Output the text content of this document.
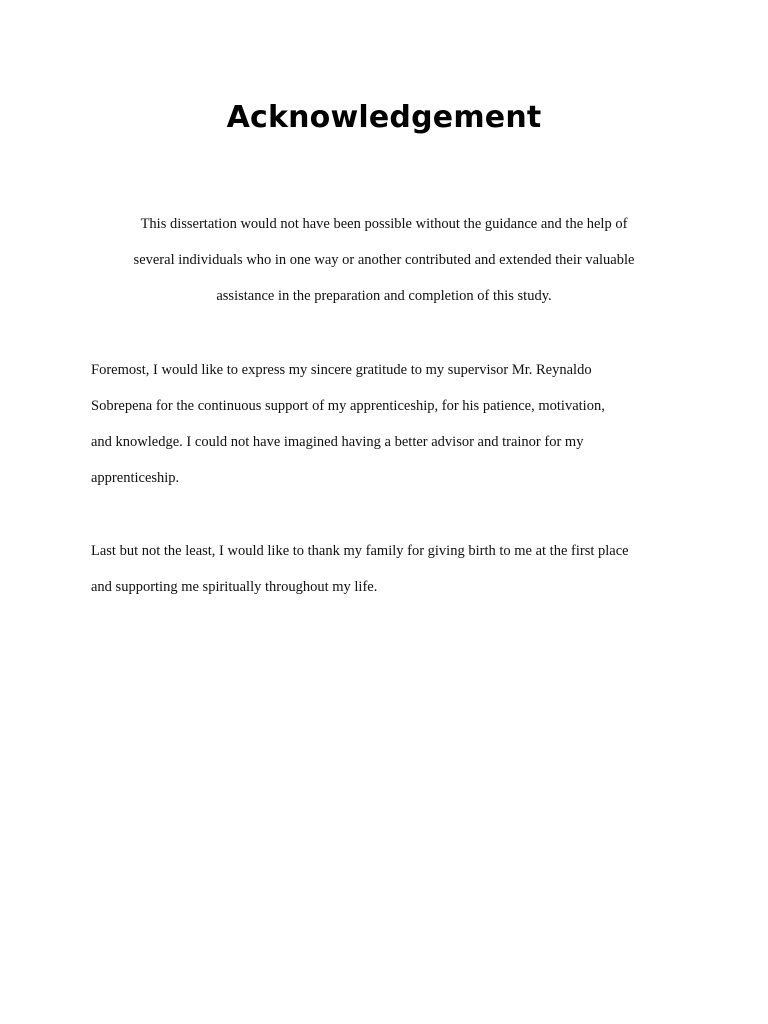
Acknowledgement

This dissertation would not have been possible without the guidance and the help of
several individuals who in one way or another contributed and extended their valuable
assistance in the preparation and completion of this study.

Foremost, I would like to express my sincere gratitude to my supervisor Mr. Reynaldo
Sobrepena for the continuous support of my apprenticeship, for his patience, motivation,
and knowledge. I could not have imagined having a better advisor and trainor for my
apprenticeship.

Last but not the least, I would like to thank my family for giving birth to me at the first place
and supporting me spiritually throughout my life.
